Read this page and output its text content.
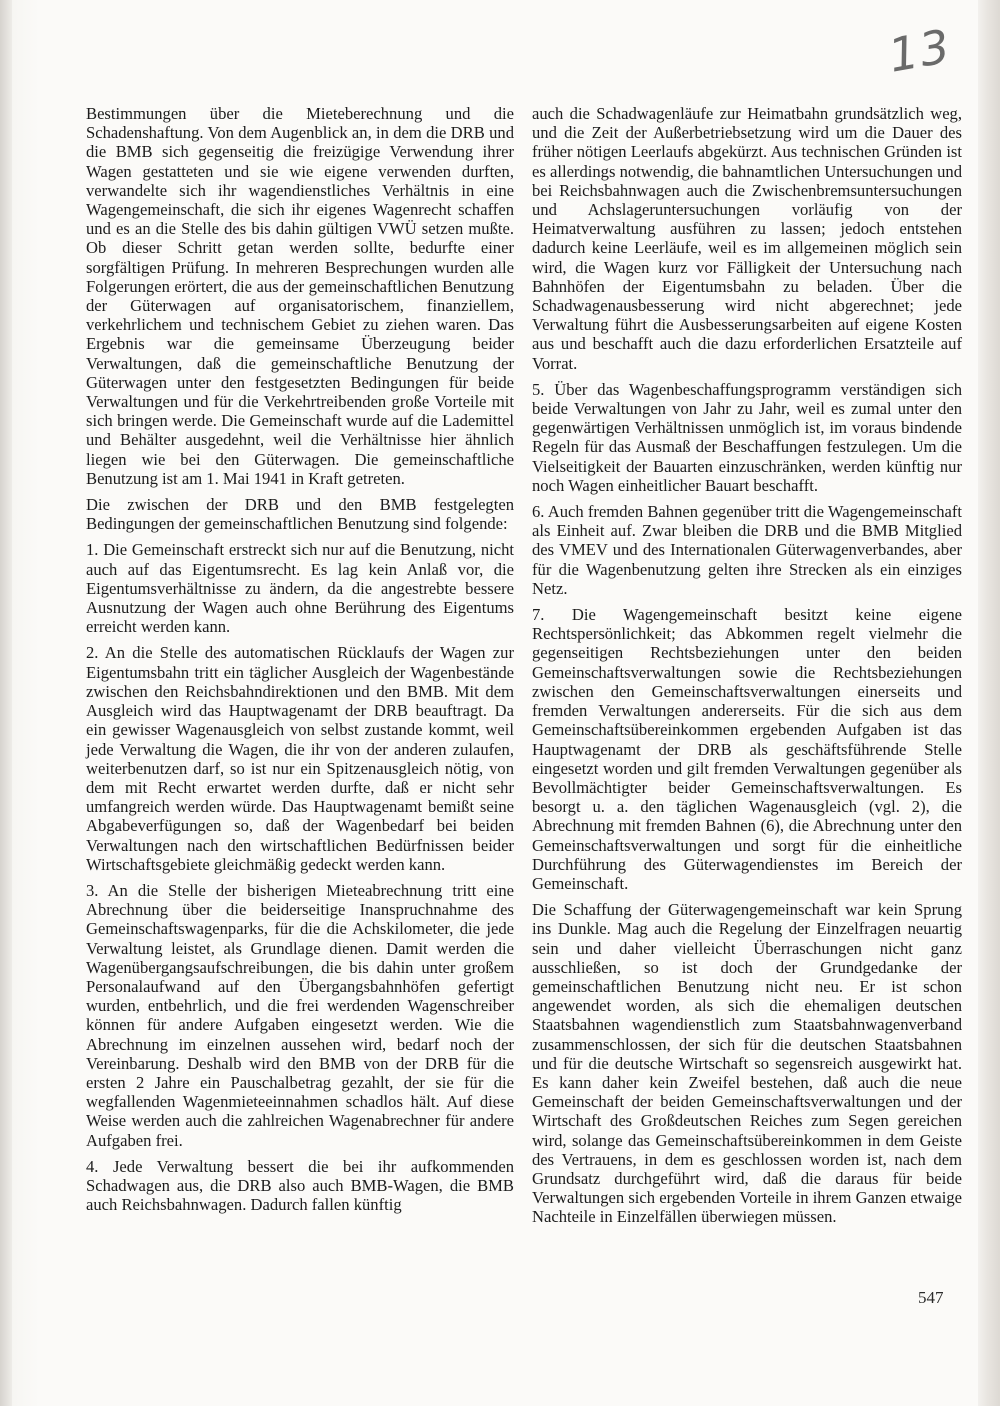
13

Bestimmungen über die Mieteberechnung und die Schadenshaftung. Von dem Augenblick an, in dem die DRB und die BMB sich gegenseitig die freizügige Verwendung ihrer Wagen gestatteten und sie wie eigene verwenden durften, verwandelte sich ihr wagendienstliches Verhältnis in eine Wagengemeinschaft, die sich ihr eigenes Wagenrecht schaffen und es an die Stelle des bis dahin gültigen VWÜ setzen mußte. Ob dieser Schritt getan werden sollte, bedurfte einer sorgfältigen Prüfung. In mehreren Besprechungen wurden alle Folgerungen erörtert, die aus der gemeinschaftlichen Benutzung der Güterwagen auf organisatorischem, finanziellem, verkehrlichem und technischem Gebiet zu ziehen waren. Das Ergebnis war die gemeinsame Überzeugung beider Verwaltungen, daß die gemeinschaftliche Benutzung der Güterwagen unter den festgesetzten Bedingungen für beide Verwaltungen und für die Verkehrtreibenden große Vorteile mit sich bringen werde. Die Gemeinschaft wurde auf die Lademittel und Behälter ausgedehnt, weil die Verhältnisse hier ähnlich liegen wie bei den Güterwagen. Die gemeinschaftliche Benutzung ist am 1. Mai 1941 in Kraft getreten.

Die zwischen der DRB und den BMB festgelegten Bedingungen der gemeinschaftlichen Benutzung sind folgende:

1. Die Gemeinschaft erstreckt sich nur auf die Benutzung, nicht auch auf das Eigentumsrecht. Es lag kein Anlaß vor, die Eigentumsverhältnisse zu ändern, da die angestrebte bessere Ausnutzung der Wagen auch ohne Berührung des Eigentums erreicht werden kann.

2. An die Stelle des automatischen Rücklaufs der Wagen zur Eigentumsbahn tritt ein täglicher Ausgleich der Wagenbestände zwischen den Reichsbahndirektionen und den BMB. Mit dem Ausgleich wird das Hauptwagenamt der DRB beauftragt. Da ein gewisser Wagenausgleich von selbst zustande kommt, weil jede Verwaltung die Wagen, die ihr von der anderen zulaufen, weiterbenutzen darf, so ist nur ein Spitzenausgleich nötig, von dem mit Recht erwartet werden durfte, daß er nicht sehr umfangreich werden würde. Das Hauptwagenamt bemißt seine Abgabeverfügungen so, daß der Wagenbedarf bei beiden Verwaltungen nach den wirtschaftlichen Bedürfnissen beider Wirtschaftsgebiete gleichmäßig gedeckt werden kann.

3. An die Stelle der bisherigen Mieteabrechnung tritt eine Abrechnung über die beiderseitige Inanspruchnahme des Gemeinschaftswagenparks, für die die Achskilometer, die jede Verwaltung leistet, als Grundlage dienen. Damit werden die Wagenübergangsaufschreibungen, die bis dahin unter großem Personalaufwand auf den Übergangsbahnhöfen gefertigt wurden, entbehrlich, und die frei werdenden Wagenschreiber können für andere Aufgaben eingesetzt werden. Wie die Abrechnung im einzelnen aussehen wird, bedarf noch der Vereinbarung. Deshalb wird den BMB von der DRB für die ersten 2 Jahre ein Pauschalbetrag gezahlt, der sie für die wegfallenden Wagenmieteeinnahmen schadlos hält. Auf diese Weise werden auch die zahlreichen Wagenabrechner für andere Aufgaben frei.

4. Jede Verwaltung bessert die bei ihr aufkommenden Schadwagen aus, die DRB also auch BMB-Wagen, die BMB auch Reichsbahnwagen. Dadurch fallen künftig

auch die Schadwagenläufe zur Heimatbahn grundsätzlich weg, und die Zeit der Außerbetriebsetzung wird um die Dauer des früher nötigen Leerlaufs abgekürzt. Aus technischen Gründen ist es allerdings notwendig, die bahnamtlichen Untersuchungen und bei Reichsbahnwagen auch die Zwischenbremsuntersuchungen und Achslageruntersuchungen vorläufig von der Heimatverwaltung ausführen zu lassen; jedoch entstehen dadurch keine Leerläufe, weil es im allgemeinen möglich sein wird, die Wagen kurz vor Fälligkeit der Untersuchung nach Bahnhöfen der Eigentumsbahn zu beladen. Über die Schadwagenausbesserung wird nicht abgerechnet; jede Verwaltung führt die Ausbesserungsarbeiten auf eigene Kosten aus und beschafft auch die dazu erforderlichen Ersatzteile auf Vorrat.

5. Über das Wagenbeschaffungsprogramm verständigen sich beide Verwaltungen von Jahr zu Jahr, weil es zumal unter den gegenwärtigen Verhältnissen unmöglich ist, im voraus bindende Regeln für das Ausmaß der Beschaffungen festzulegen. Um die Vielseitigkeit der Bauarten einzuschränken, werden künftig nur noch Wagen einheitlicher Bauart beschafft.

6. Auch fremden Bahnen gegenüber tritt die Wagengemeinschaft als Einheit auf. Zwar bleiben die DRB und die BMB Mitglied des VMEV und des Internationalen Güterwagenverbandes, aber für die Wagenbenutzung gelten ihre Strecken als ein einziges Netz.

7. Die Wagengemeinschaft besitzt keine eigene Rechtspersönlichkeit; das Abkommen regelt vielmehr die gegenseitigen Rechtsbeziehungen unter den beiden Gemeinschaftsverwaltungen sowie die Rechtsbeziehungen zwischen den Gemeinschaftsverwaltungen einerseits und fremden Verwaltungen andererseits. Für die sich aus dem Gemeinschaftsübereinkommen ergebenden Aufgaben ist das Hauptwagenamt der DRB als geschäftsführende Stelle eingesetzt worden und gilt fremden Verwaltungen gegenüber als Bevollmächtigter beider Gemeinschaftsverwaltungen. Es besorgt u. a. den täglichen Wagenausgleich (vgl. 2), die Abrechnung mit fremden Bahnen (6), die Abrechnung unter den Gemeinschaftsverwaltungen und sorgt für die einheitliche Durchführung des Güterwagendienstes im Bereich der Gemeinschaft.

Die Schaffung der Güterwagengemeinschaft war kein Sprung ins Dunkle. Mag auch die Regelung der Einzelfragen neuartig sein und daher vielleicht Überraschungen nicht ganz ausschließen, so ist doch der Grundgedanke der gemeinschaftlichen Benutzung nicht neu. Er ist schon angewendet worden, als sich die ehemaligen deutschen Staatsbahnen wagendienstlich zum Staatsbahnwagenverband zusammenschlossen, der sich für die deutschen Staatsbahnen und für die deutsche Wirtschaft so segensreich ausgewirkt hat. Es kann daher kein Zweifel bestehen, daß auch die neue Gemeinschaft der beiden Gemeinschaftsverwaltungen und der Wirtschaft des Großdeutschen Reiches zum Segen gereichen wird, solange das Gemeinschaftsübereinkommen in dem Geiste des Vertrauens, in dem es geschlossen worden ist, nach dem Grundsatz durchgeführt wird, daß die daraus für beide Verwaltungen sich ergebenden Vorteile in ihrem Ganzen etwaige Nachteile in Einzelfällen überwiegen müssen.

547
